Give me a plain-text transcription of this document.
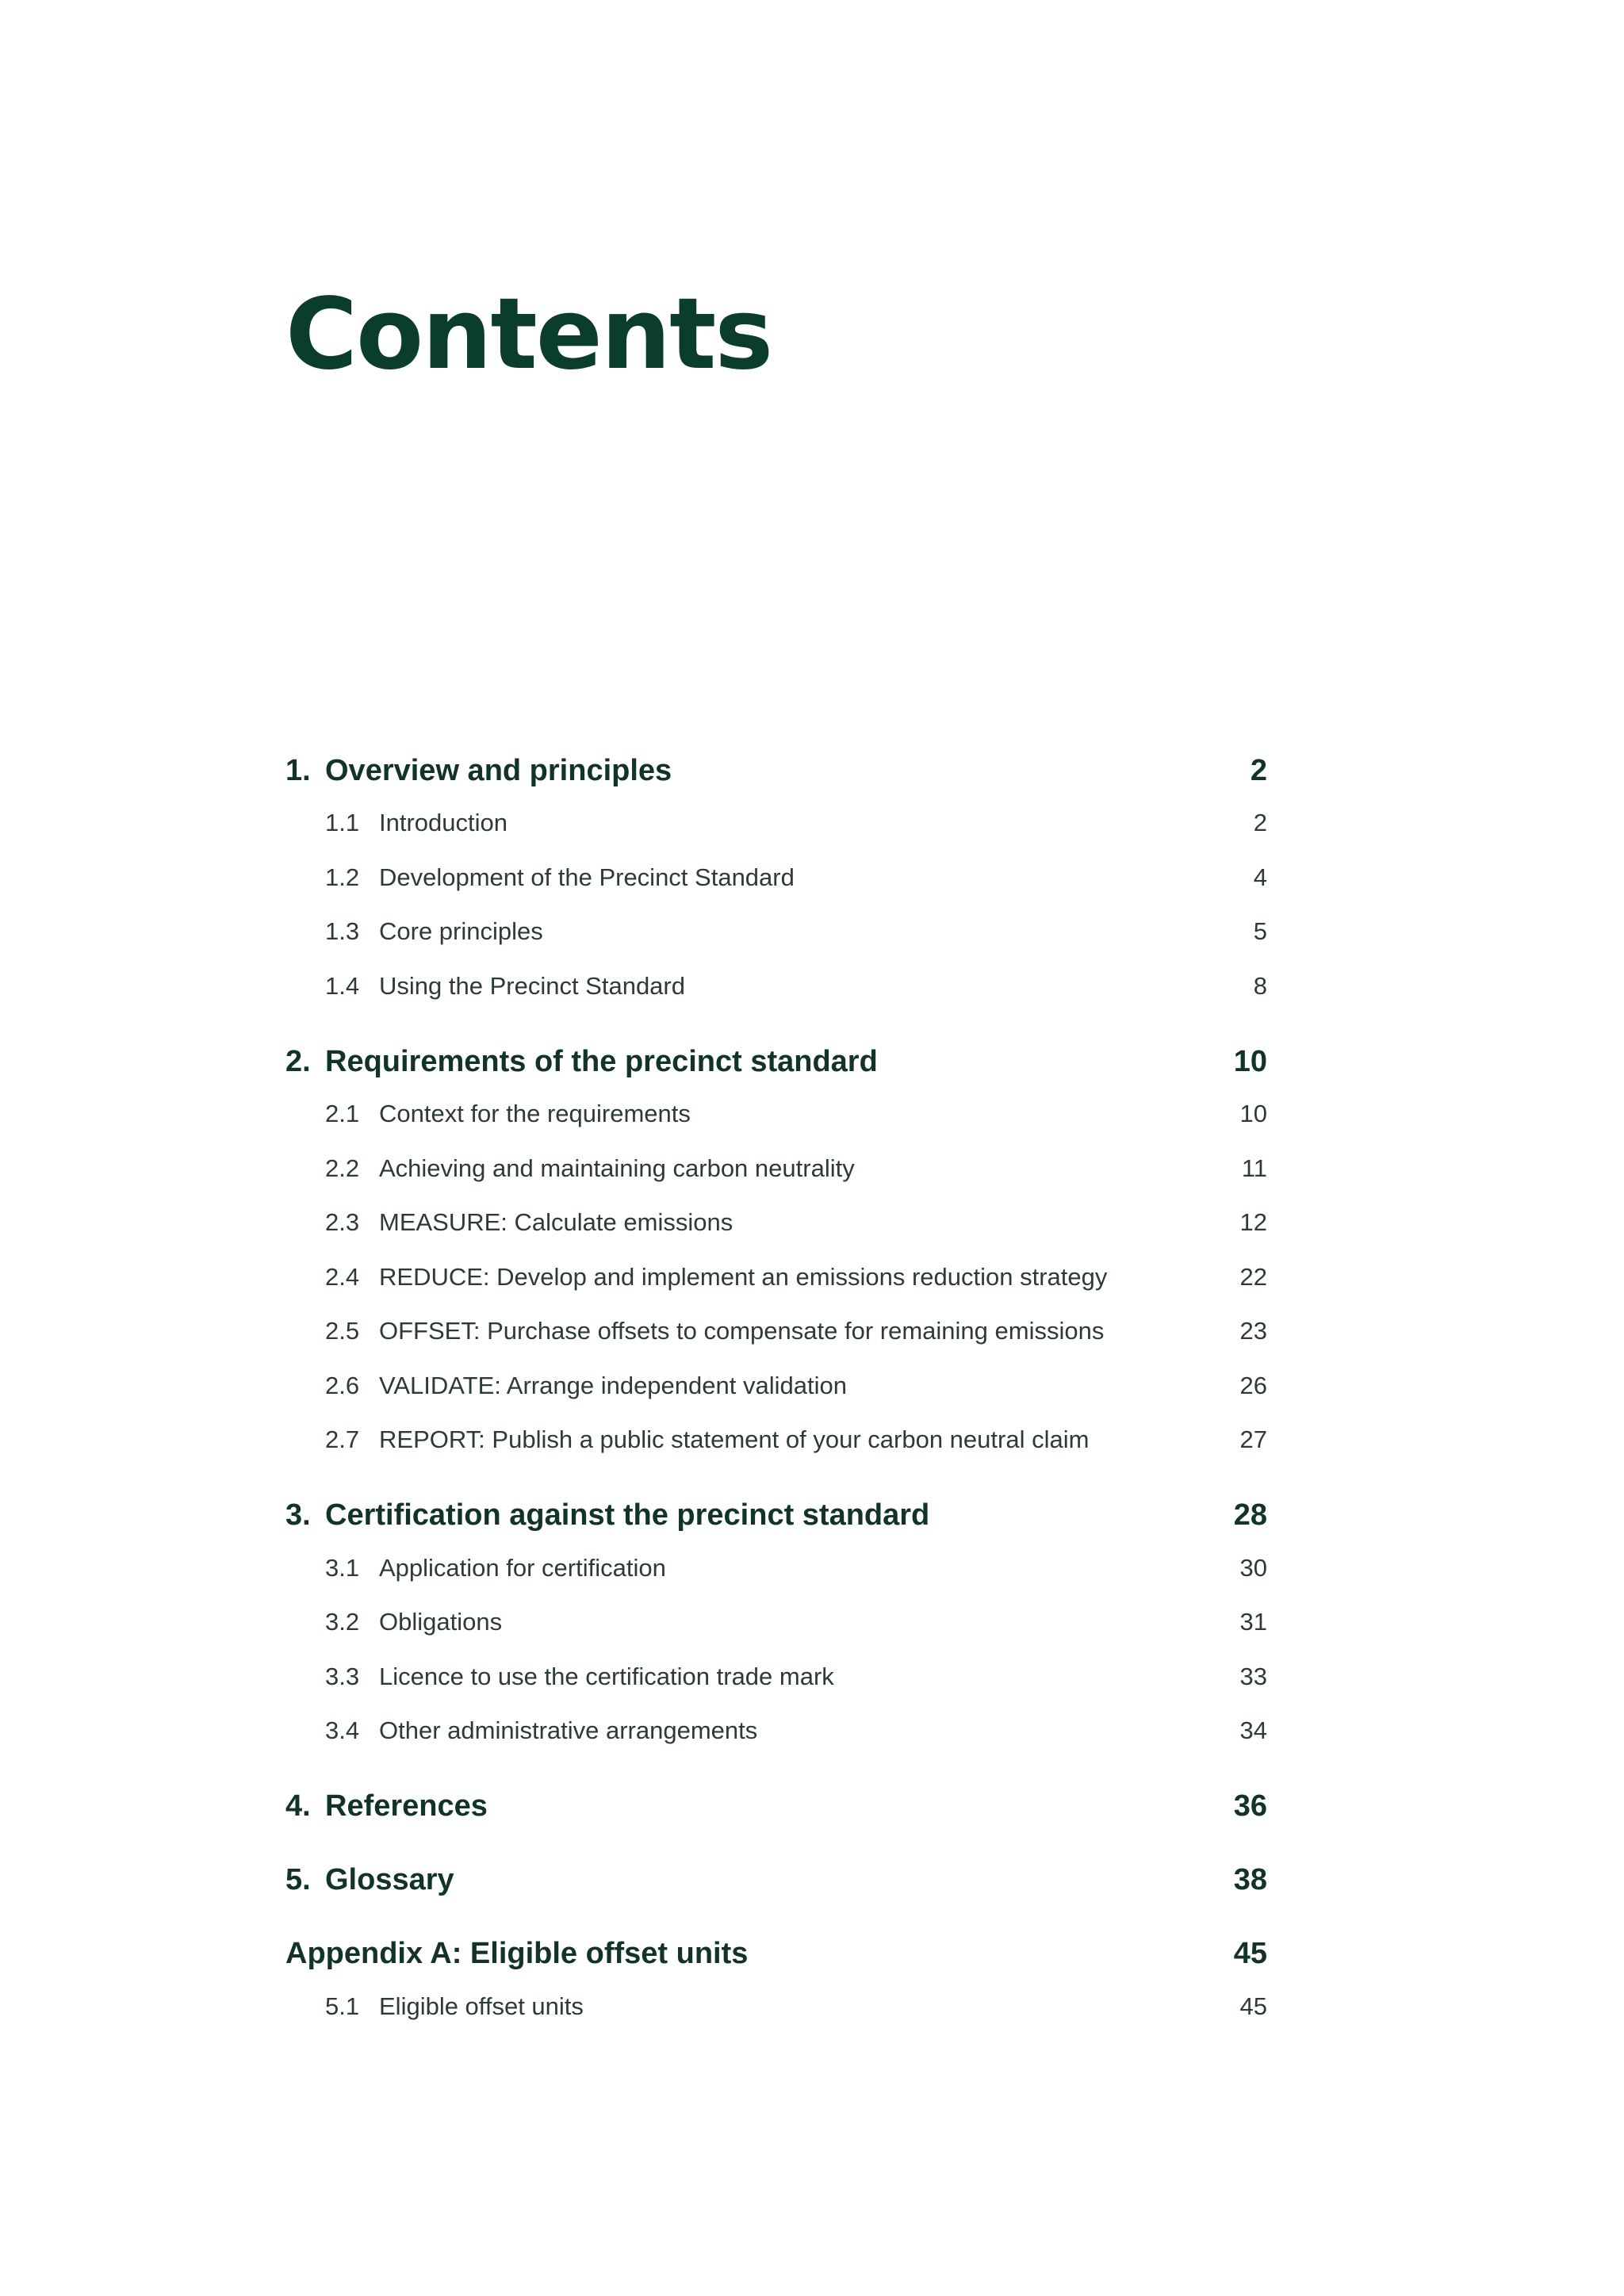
Contents
1. Overview and principles	2
1.1 Introduction	2
1.2 Development of the Precinct Standard	4
1.3 Core principles	5
1.4 Using the Precinct Standard	8
2. Requirements of the precinct standard	10
2.1 Context for the requirements	10
2.2 Achieving and maintaining carbon neutrality	11
2.3 MEASURE: Calculate emissions	12
2.4 REDUCE: Develop and implement an emissions reduction strategy	22
2.5 OFFSET: Purchase offsets to compensate for remaining emissions	23
2.6 VALIDATE: Arrange independent validation	26
2.7 REPORT: Publish a public statement of your carbon neutral claim	27
3. Certification against the precinct standard	28
3.1 Application for certification	30
3.2 Obligations	31
3.3 Licence to use the certification trade mark	33
3.4 Other administrative arrangements	34
4. References	36
5. Glossary	38
Appendix A: Eligible offset units	45
5.1 Eligible offset units	45
